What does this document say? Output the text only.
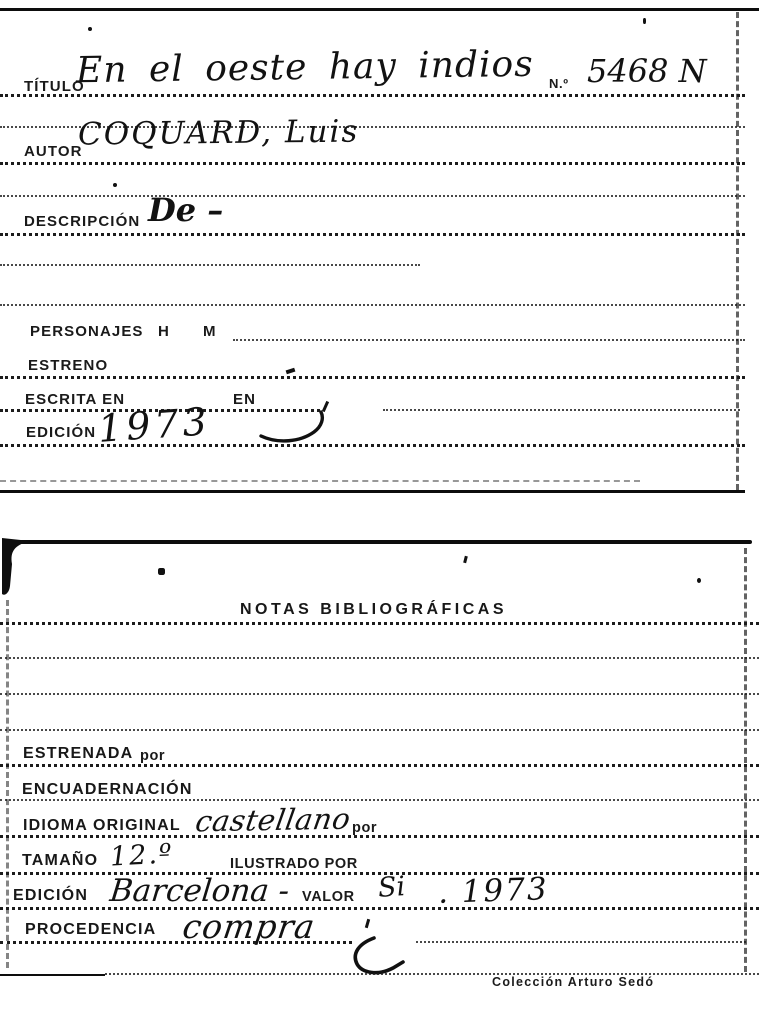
TÍTULO
En el oeste hay indios N.º 5468 N
AUTOR
COQUARD, Luis
DESCRIPCIÓN De –
PERSONAJES H M
ESTRENO
ESCRITA EN	EN
EDICIÓN 1973
NOTAS BIBLIOGRÁFICAS
ESTRENADA por
ENCUADERNACIÓN
IDIOMA ORIGINAL castellano
por
TAMAÑO 12.º	ILUSTRADO POR
EDICIÓN Barcelona - VALOR Si . 1973
PROCEDENCIA compra
Colección Arturo Sedó
